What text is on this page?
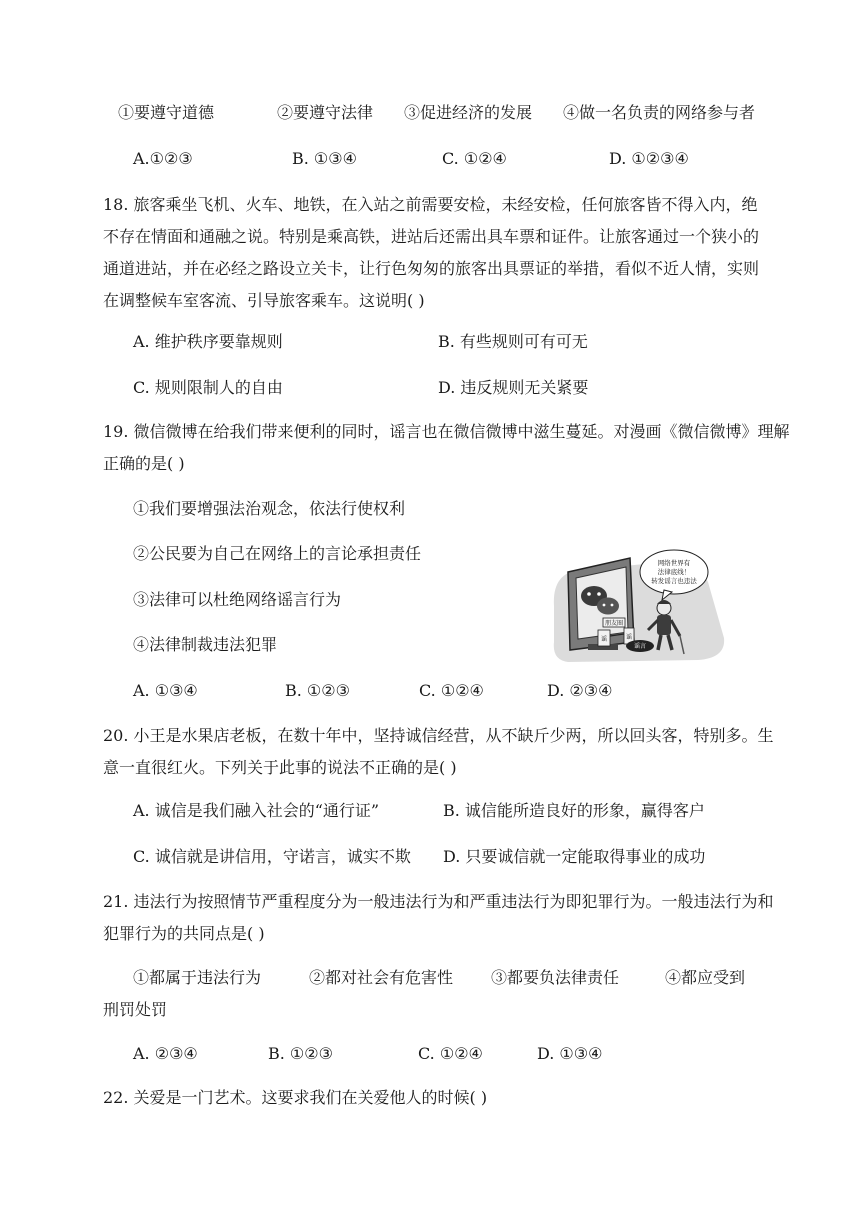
①要遵守道德	②要遵守法律 ③促进经济的发展 ④做一名负责的网络参与者
A.①②③	B. ①③④	C. ①②④	D. ①②③④
18. 旅客乘坐飞机、火车、地铁，在入站之前需要安检，未经安检，任何旅客皆不得入内，绝
不存在情面和通融之说。特别是乘高铁，进站后还需出具车票和证件。让旅客通过一个狭小的
通道进站，并在必经之路设立关卡，让行色匆匆的旅客出具票证的举措，看似不近人情，实则
在调整候车室客流、引导旅客乘车。这说明( )
A. 维护秩序要靠规则	B. 有些规则可有可无
C. 规则限制人的自由	D. 违反规则无关紧要
19. 微信微博在给我们带来便利的同时，谣言也在微信微博中滋生蔓延。对漫画《微信微博》理解
正确的是( )
①我们要增强法治观念，依法行使权利
②公民要为自己在网络上的言论承担责任
③法律可以杜绝网络谣言行为
④法律制裁违法犯罪
朋友圈
谣	谣
谣言
网络世界有
法律底线！
转发谣言也违法
A. ①③④	B. ①②③	C. ①②④	D. ②③④
20. 小王是水果店老板，在数十年中，坚持诚信经营，从不缺斤少两，所以回头客，特别多。生
意一直很红火。下列关于此事的说法不正确的是( )
A. 诚信是我们融入社会的“通行证”	B. 诚信能所造良好的形象，赢得客户
C. 诚信就是讲信用，守诺言，诚实不欺 D. 只要诚信就一定能取得事业的成功
21. 违法行为按照情节严重程度分为一般违法行为和严重违法行为即犯罪行为。一般违法行为和
犯罪行为的共同点是( )
①都属于违法行为	②都对社会有危害性 ③都要负法律责任	④都应受到
刑罚处罚
A. ②③④	B. ①②③	C. ①②④	D. ①③④
22. 关爱是一门艺术。这要求我们在关爱他人的时候( )
